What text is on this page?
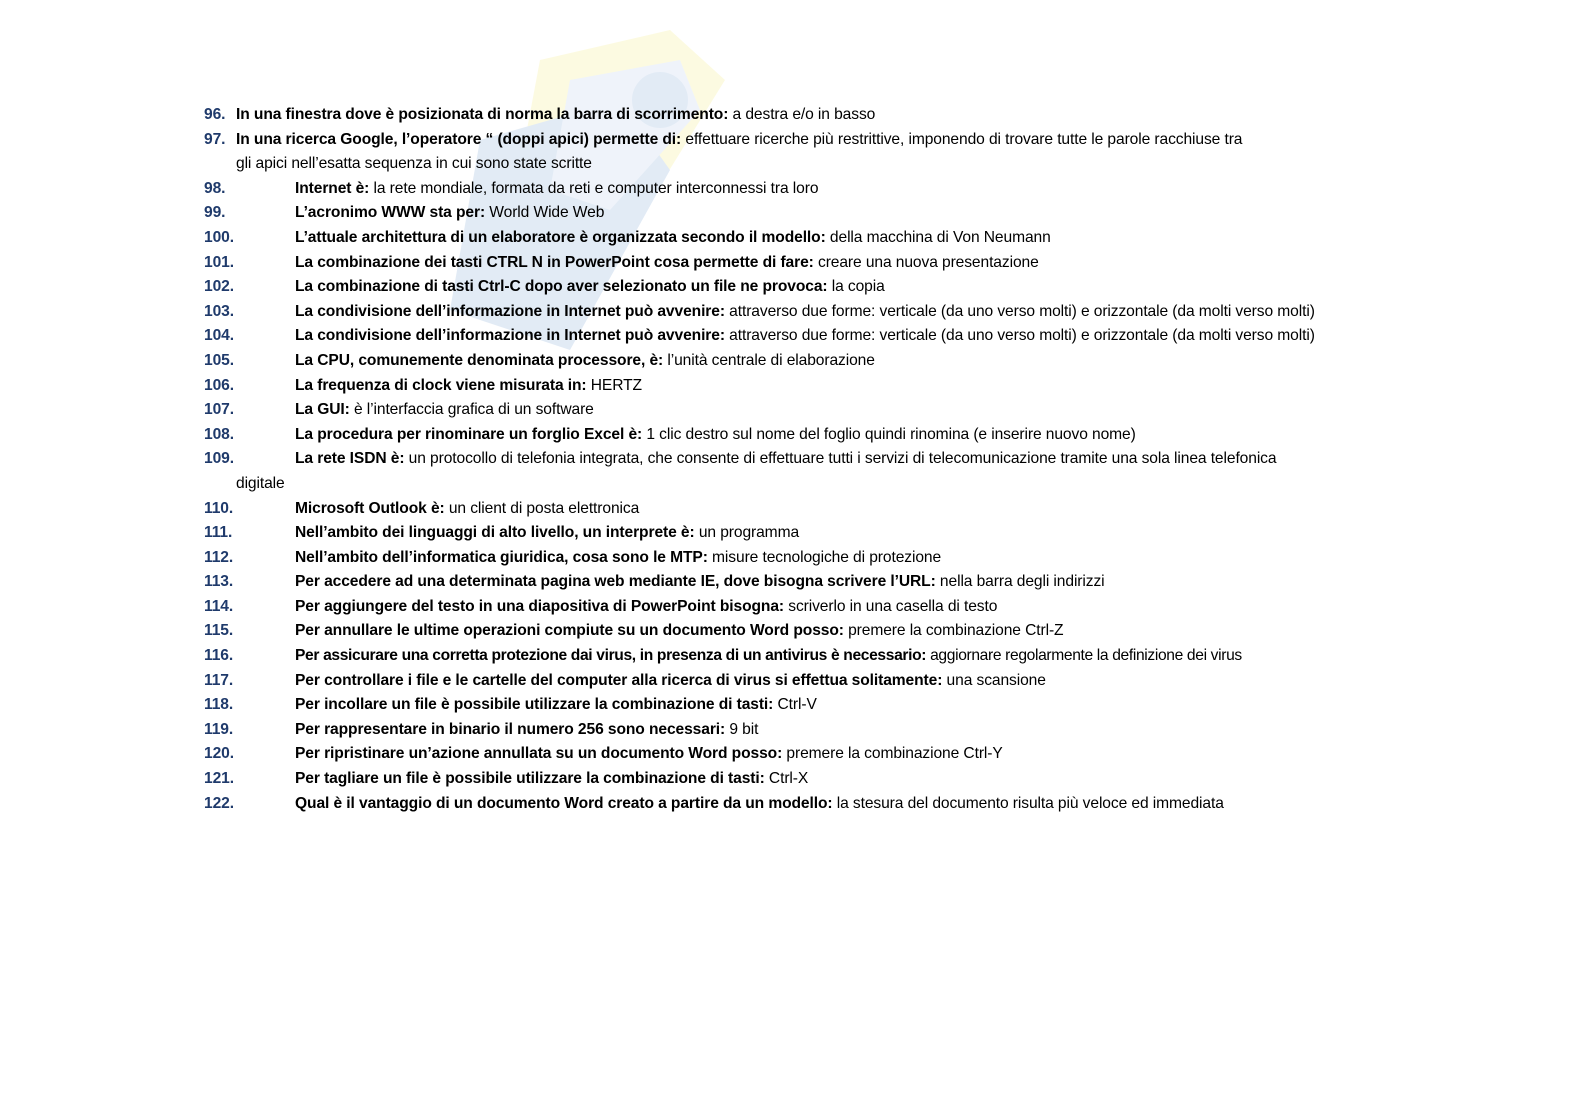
96. In una finestra dove è posizionata di norma la barra di scorrimento: a destra e/o in basso
97. In una ricerca Google, l’operatore “ (doppi apici) permette di: effettuare ricerche più restrittive, imponendo di trovare tutte le parole racchiuse tra gli apici nell’esatta sequenza in cui sono state scritte
98.	Internet è: la rete mondiale, formata da reti e computer interconnessi tra loro
99.	L’acronimo WWW sta per: World Wide Web
100.	L’attuale architettura di un elaboratore è organizzata secondo il modello: della macchina di Von Neumann
101.	La combinazione dei tasti CTRL N in PowerPoint cosa permette di fare: creare una nuova presentazione
102.	La combinazione di tasti Ctrl-C dopo aver selezionato un file ne provoca: la copia
103.	La condivisione dell’informazione in Internet può avvenire: attraverso due forme: verticale (da uno verso molti) e orizzontale (da molti verso molti)
104.	La condivisione dell’informazione in Internet può avvenire: attraverso due forme: verticale (da uno verso molti) e orizzontale (da molti verso molti)
105.	La CPU, comunemente denominata processore, è: l’unità centrale di elaborazione
106.	La frequenza di clock viene misurata in: HERTZ
107.	La GUI: è l’interfaccia grafica di un software
108.	La procedura per rinominare un forglio Excel è: 1 clic destro sul nome del foglio quindi rinomina (e inserire nuovo nome)
109.	La rete ISDN è: un protocollo di telefonia integrata, che consente di effettuare tutti i servizi di telecomunicazione tramite una sola linea telefonica digitale
110.	Microsoft Outlook è: un client di posta elettronica
111.	Nell’ambito dei linguaggi di alto livello, un interprete è: un programma
112.	Nell’ambito dell’informatica giuridica, cosa sono le MTP: misure tecnologiche di protezione
113.	Per accedere ad una determinata pagina web mediante IE, dove bisogna scrivere l’URL: nella barra degli indirizzi
114.	Per aggiungere del testo in una diapositiva di PowerPoint bisogna: scriverlo in una casella di testo
115.	Per annullare le ultime operazioni compiute su un documento Word posso: premere la combinazione Ctrl-Z
116.	Per assicurare una corretta protezione dai virus, in presenza di un antivirus è necessario: aggiornare regolarmente la definizione dei virus
117.	Per controllare i file e le cartelle del computer alla ricerca di virus si effettua solitamente: una scansione
118.	Per incollare un file è possibile utilizzare la combinazione di tasti: Ctrl-V
119.	Per rappresentare in binario il numero 256 sono necessari: 9 bit
120.	Per ripristinare un’azione annullata su un documento Word posso: premere la combinazione Ctrl-Y
121.	Per tagliare un file è possibile utilizzare la combinazione di tasti: Ctrl-X
122.	Qual è il vantaggio di un documento Word creato a partire da un modello: la stesura del documento risulta più veloce ed immediata
